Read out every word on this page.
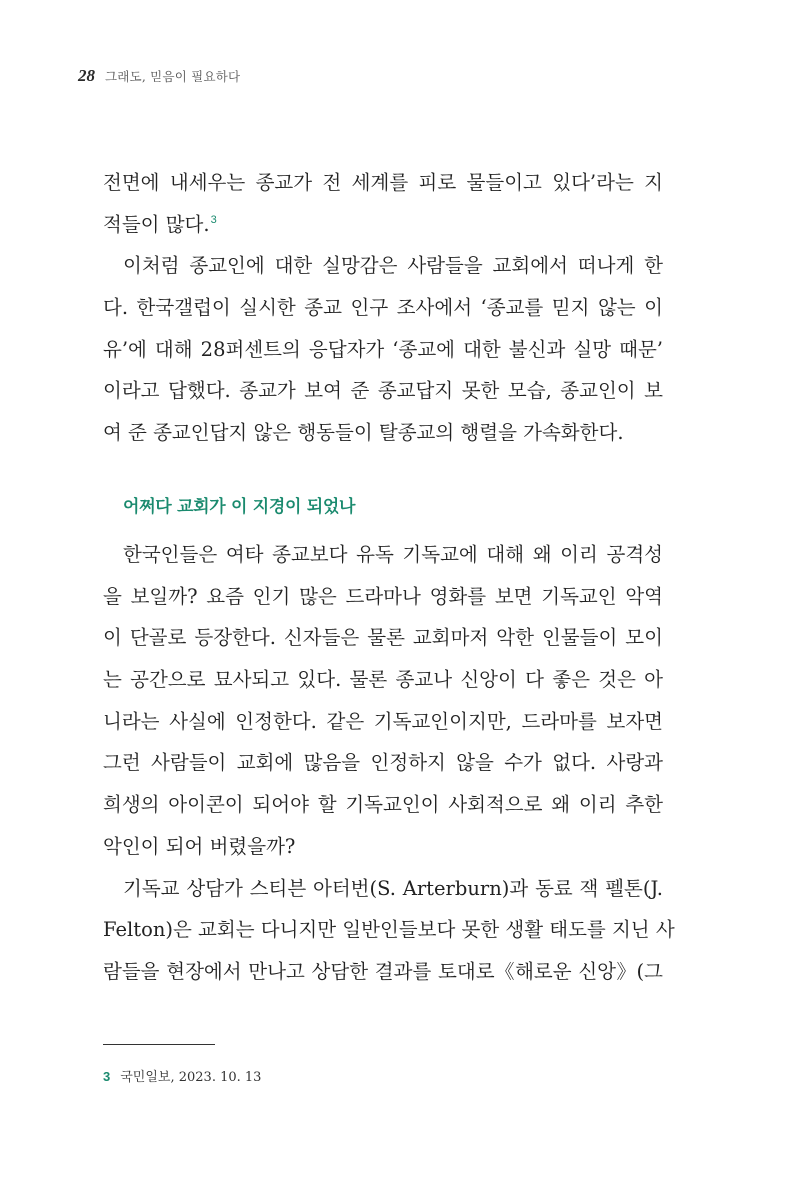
28 그래도, 믿음이 필요하다
전면에 내세우는 종교가 전 세계를 피로 물들이고 있다’라는 지
적들이 많다.$^3$
이처럼 종교인에 대한 실망감은 사람들을 교회에서 떠나게 한
다. 한국갤럽이 실시한 종교 인구 조사에서 ‘종교를 믿지 않는 이
유’에 대해 28퍼센트의 응답자가 ‘종교에 대한 불신과 실망 때문’
이라고 답했다. 종교가 보여 준 종교답지 못한 모습, 종교인이 보
여 준 종교인답지 않은 행동들이 탈종교의 행렬을 가속화한다.
어쩌다 교회가 이 지경이 되었나
한국인들은 여타 종교보다 유독 기독교에 대해 왜 이리 공격성
을 보일까? 요즘 인기 많은 드라마나 영화를 보면 기독교인 악역
이 단골로 등장한다. 신자들은 물론 교회마저 악한 인물들이 모이
는 공간으로 묘사되고 있다. 물론 종교나 신앙이 다 좋은 것은 아
니라는 사실에 인정한다. 같은 기독교인이지만, 드라마를 보자면
그런 사람들이 교회에 많음을 인정하지 않을 수가 없다. 사랑과
희생의 아이콘이 되어야 할 기독교인이 사회적으로 왜 이리 추한
악인이 되어 버렸을까?
기독교 상담가 스티븐 아터번(S. Arterburn)과 동료 잭 펠톤(J.
Felton)은 교회는 다니지만 일반인들보다 못한 생활 태도를 지닌 사
람들을 현장에서 만나고 상담한 결과를 토대로《해로운 신앙》(그
3 국민일보, 2023. 10. 13
